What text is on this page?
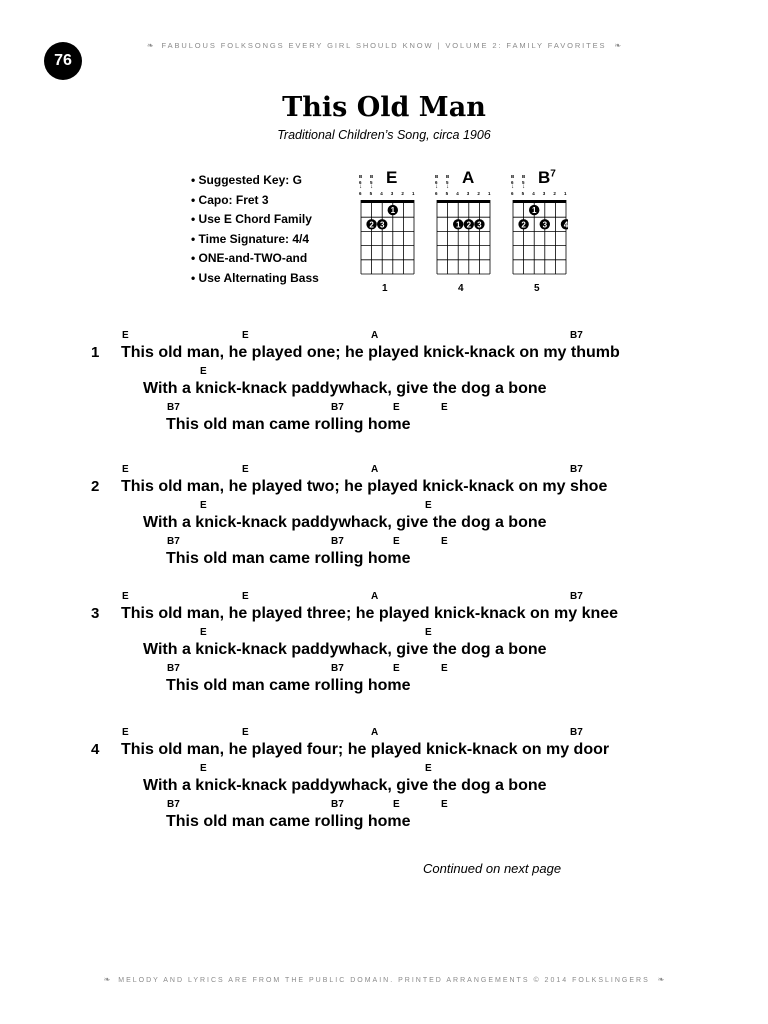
76
❧ FABULOUS FOLKSONGS EVERY GIRL SHOULD KNOW | VOLUME 2: FAMILY FAVORITES ❧
This Old Man
Traditional Children’s Song, circa 1906
• Suggested Key: G
• Capo: Fret 3
• Use E Chord Family
• Time Signature: 4/4
• ONE-and-TWO-and
• Use Alternating Bass
B
6
↓
B
5
↓ E
6 5 4 3 2 1
1
2 3
1
B
6
↓
B
5
↓ A
6 5 4 3 2 1
1 2 3
4
B
6
↓
B
5
↓ $B^7$
6 5 4 3 2 1
1
2 3 4
5
1
E	E	A	B7
This old man, he played one; he played knick-knack on my thumb
E
With a knick-knack paddywhack, give the dog a bone
B7	B7	E	E
This old man came rolling home
2
E	E	A	B7
This old man, he played two; he played knick-knack on my shoe
E	E
With a knick-knack paddywhack, give the dog a bone
B7	B7	E	E
This old man came rolling home
3
E	E	A	B7
This old man, he played three; he played knick-knack on my knee
E	E
With a knick-knack paddywhack, give the dog a bone
B7	B7	E	E
This old man came rolling home
4
E	E	A	B7
This old man, he played four; he played knick-knack on my door
E	E
With a knick-knack paddywhack, give the dog a bone
B7	B7	E	E
This old man came rolling home
Continued on next page
❧ MELODY AND LYRICS ARE FROM THE PUBLIC DOMAIN. PRINTED ARRANGEMENTS © 2014 FOLKSLINGERS ❧
